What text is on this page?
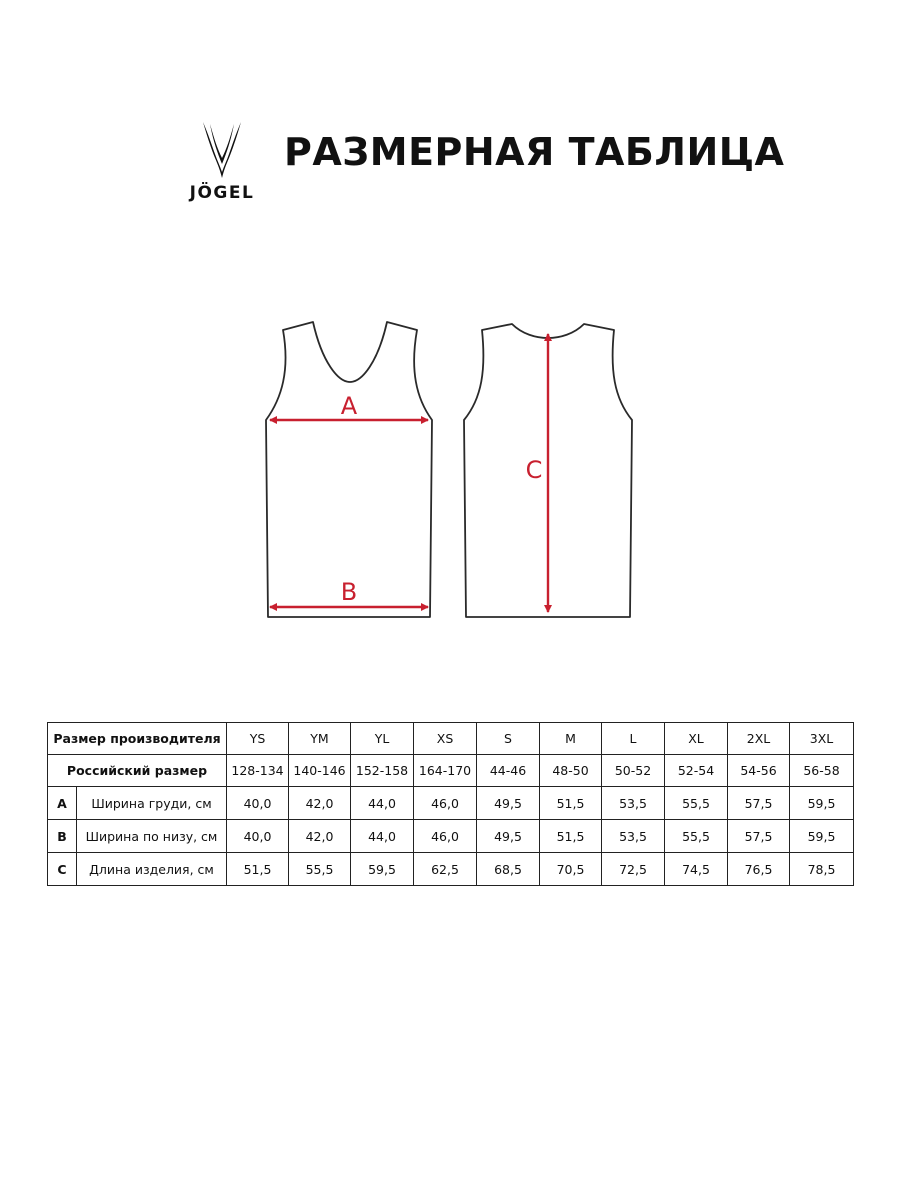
JÖGEL
РАЗМЕРНАЯ ТАБЛИЦА
A
B
C
Размер производителя		YS	YM	YL	XS	S	M	L	XL	2XL	3XL
Российский размер		128-134	140-146	152-158	164-170	44-46	48-50	50-52	52-54	54-56	56-58
A	Ширина груди, см	40,0	42,0	44,0	46,0	49,5	51,5	53,5	55,5	57,5	59,5
B	Ширина по низу, см	40,0	42,0	44,0	46,0	49,5	51,5	53,5	55,5	57,5	59,5
C	Длина изделия, см	51,5	55,5	59,5	62,5	68,5	70,5	72,5	74,5	76,5	78,5
